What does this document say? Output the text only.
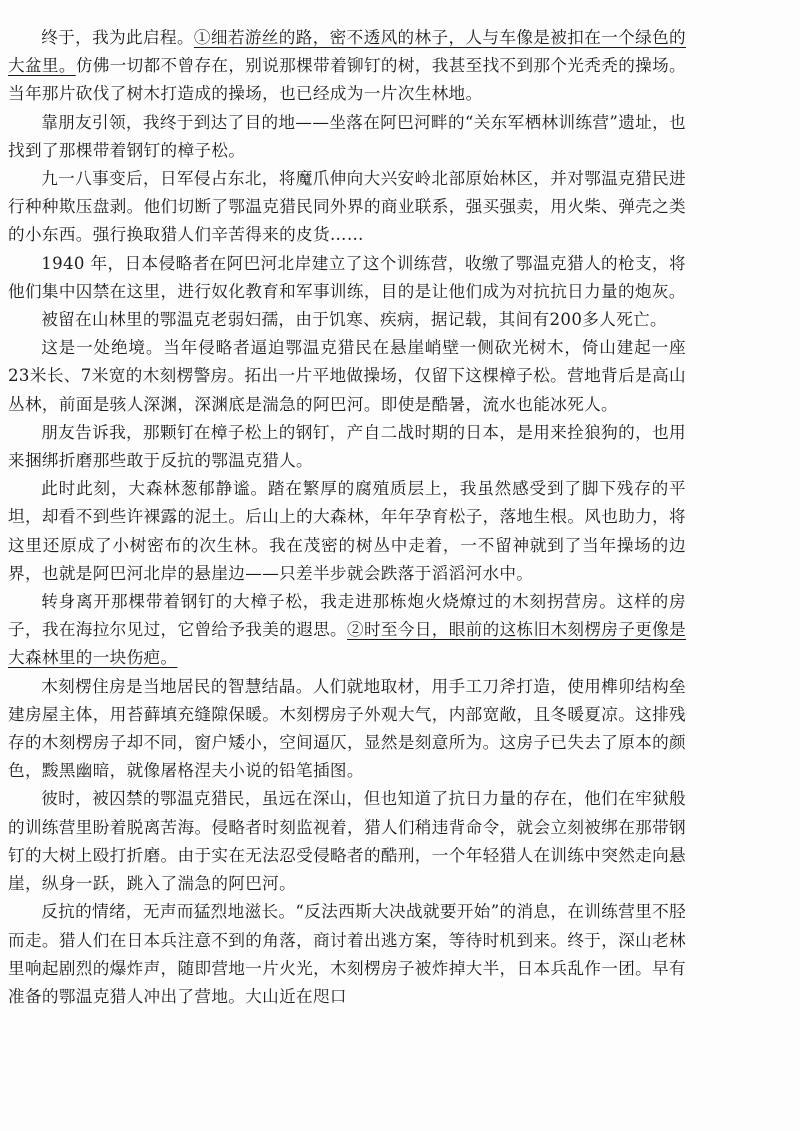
终于，我为此启程。①细若游丝的路，密不透风的林子，人与车像是被扣在一个绿色的大盆里。仿佛一切都不曾存在，别说那棵带着铆钉的树，我甚至找不到那个光秃秃的操场。当年那片砍伐了树木打造成的操场，也已经成为一片次生林地。

靠朋友引领，我终于到达了目的地——坐落在阿巴河畔的“关东军栖林训练营”遗址，也找到了那棵带着钢钉的樟子松。

九一八事变后，日军侵占东北，将魔爪伸向大兴安岭北部原始林区，并对鄂温克猎民进行种种欺压盘剥。他们切断了鄂温克猎民同外界的商业联系，强买强卖，用火柴、弹壳之类的小东西。强行换取猎人们辛苦得来的皮货……

1940 年，日本侵略者在阿巴河北岸建立了这个训练营，收缴了鄂温克猎人的枪支，将他们集中囚禁在这里，进行奴化教育和军事训练，目的是让他们成为对抗抗日力量的炮灰。

被留在山林里的鄂温克老弱妇孺，由于饥寒、疾病，据记载，其间有200多人死亡。

这是一处绝境。当年侵略者逼迫鄂温克猎民在悬崖峭壁一侧砍光树木，倚山建起一座23米长、7米宽的木刻楞警房。拓出一片平地做操场，仅留下这棵樟子松。营地背后是高山丛林，前面是骇人深渊，深渊底是湍急的阿巴河。即使是酷暑，流水也能冰死人。

朋友告诉我，那颗钉在樟子松上的钢钉，产自二战时期的日本，是用来拴狼狗的，也用来捆绑折磨那些敢于反抗的鄂温克猎人。

此时此刻，大森林葱郁静谧。踏在繁厚的腐殖质层上，我虽然感受到了脚下残存的平坦，却看不到些许裸露的泥土。后山上的大森林，年年孕育松子，落地生根。风也助力，将这里还原成了小树密布的次生林。我在茂密的树丛中走着，一不留神就到了当年操场的边界，也就是阿巴河北岸的悬崖边——只差半步就会跌落于滔滔河水中。

转身离开那棵带着钢钉的大樟子松，我走进那栋炮火烧燎过的木刻拐营房。这样的房子，我在海拉尔见过，它曾给予我美的遐思。②时至今日，眼前的这栋旧木刻楞房子更像是大森林里的一块伤疤。

木刻楞住房是当地居民的智慧结晶。人们就地取材，用手工刀斧打造，使用榫卯结构垒建房屋主体，用苔藓填充缝隙保暖。木刻楞房子外观大气，内部宽敞，且冬暖夏凉。这排残存的木刻楞房子却不同，窗户矮小，空间逼仄，显然是刻意所为。这房子已失去了原本的颜色，黢黑幽暗，就像屠格涅夫小说的铅笔插图。

彼时，被囚禁的鄂温克猎民，虽远在深山，但也知道了抗日力量的存在，他们在牢狱般的训练营里盼着脱离苦海。侵略者时刻监视着，猎人们稍违背命令，就会立刻被绑在那带钢钉的大树上殴打折磨。由于实在无法忍受侵略者的酷刑，一个年轻猎人在训练中突然走向悬崖，纵身一跃，跳入了湍急的阿巴河。

反抗的情绪，无声而猛烈地滋长。“反法西斯大决战就要开始”的消息，在训练营里不胫而走。猎人们在日本兵注意不到的角落，商讨着出逃方案，等待时机到来。终于，深山老林里响起剧烈的爆炸声，随即营地一片火光，木刻楞房子被炸掉大半，日本兵乱作一团。早有准备的鄂温克猎人冲出了营地。大山近在咫口
